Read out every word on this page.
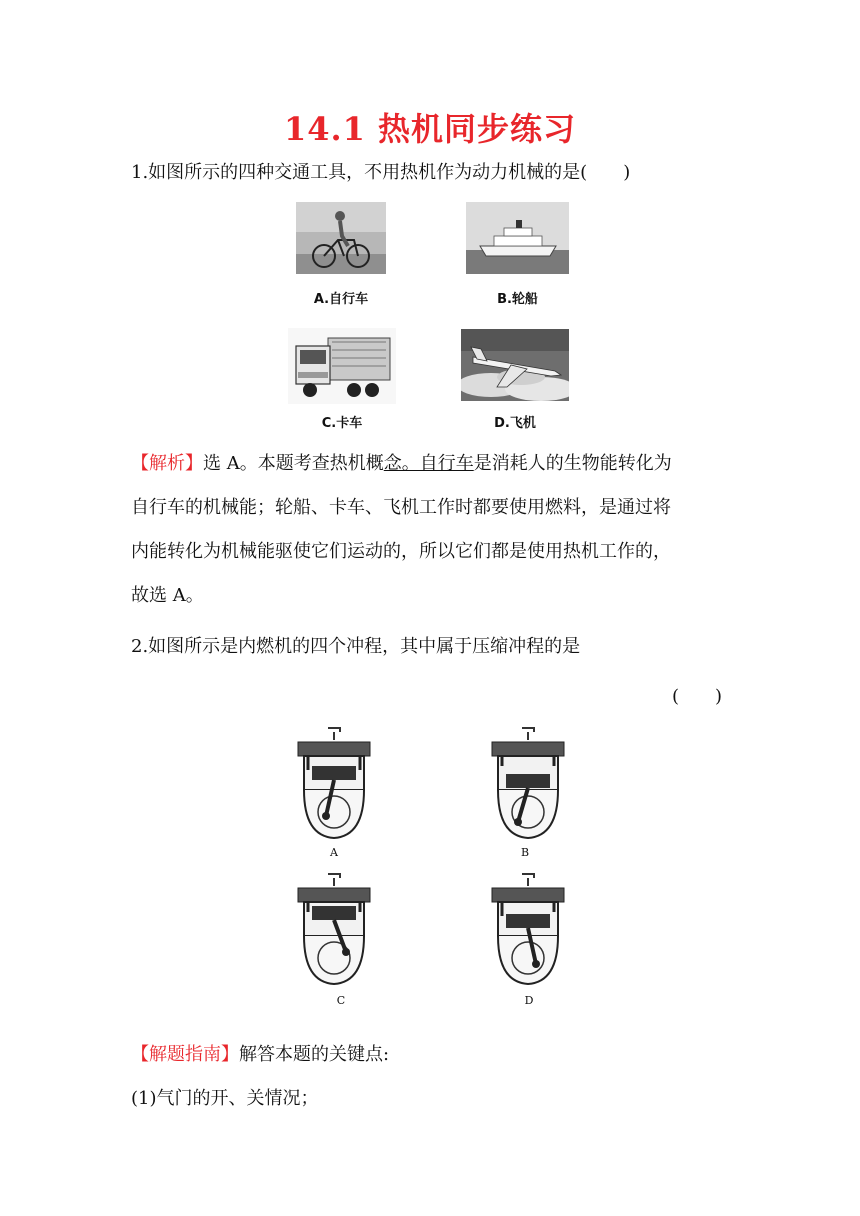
14.1 热机同步练习
1.如图所示的四种交通工具，不用热机作为动力机械的是(　　)
A.自行车	B.轮船
C.卡车	D.飞机
【解析】选 A。本题考查热机概念。自行车是消耗人的生物能转化为
自行车的机械能；轮船、卡车、飞机工作时都要使用燃料，是通过将
内能转化为机械能驱使它们运动的，所以它们都是使用热机工作的，
故选 A。
2.如图所示是内燃机的四个冲程，其中属于压缩冲程的是
(　　)
A	B
C	D
【解题指南】解答本题的关键点:
(1)气门的开、关情况；
